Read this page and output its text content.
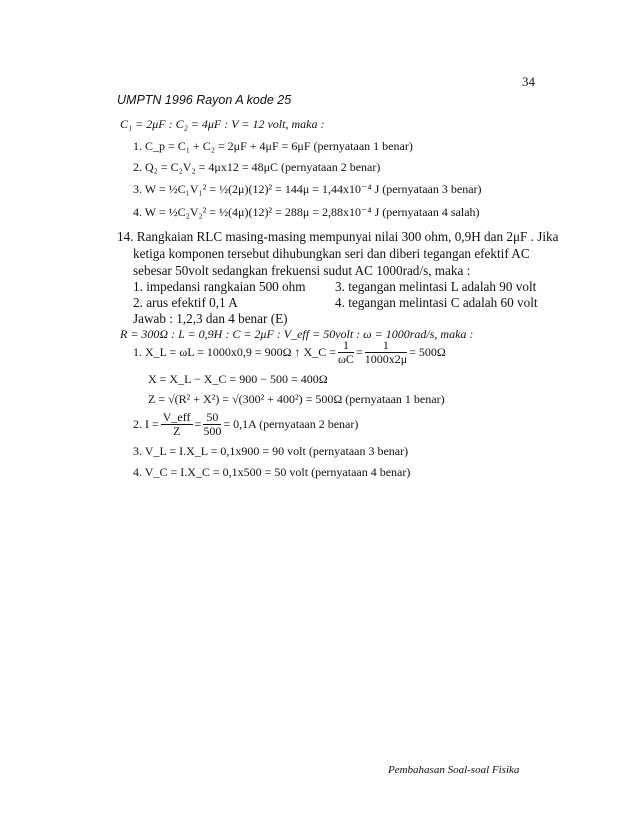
34
UMPTN 1996 Rayon A kode 25
C₁ = 2μF : C₂ = 4μF : V = 12 volt, maka :
1. C_p = C₁ + C₂ = 2μF + 4μF = 6μF (pernyataan 1 benar)
2. Q₂ = C₂V₂ = 4μx12 = 48μC (pernyataan 2 benar)
3. W = ½C₁V₁² = ½(2μ)(12)² = 144μ = 1,44x10⁻⁴ J (pernyataan 3 benar)
4. W = ½C₂V₂² = ½(4μ)(12)² = 288μ = 2,88x10⁻⁴ J (pernyataan 4 salah)
14. Rangkaian RLC masing-masing mempunyai nilai 300 ohm, 0,9H dan 2μF . Jika
ketiga komponen tersebut dihubungkan seri dan diberi tegangan efektif AC
sebesar 50volt sedangkan frekuensi sudut AC 1000rad/s, maka :
1. impedansi rangkaian 500 ohm 3. tegangan melintasi L adalah 90 volt
2. arus efektif 0,1 A	4. tegangan melintasi C adalah 60 volt
Jawab : 1,2,3 dan 4 benar (E)
R = 300Ω : L = 0,9H : C = 2μF : V_eff = 50volt : ω = 1000rad/s, maka :
1. X_L = ωL = 1000x0,9 = 900Ω ↑ X_C = $\frac{1}{\omega C} = \frac{1}{1000x2\mu} = 500\Omega$
X = X_L − X_C = 900 − 500 = 400Ω
Z = √(R² + X²) = √(300² + 400²) = 500Ω (pernyataan 1 benar)
2. $I = \frac{\text{V\_eff}}{Z} = \frac{50}{500} = 0,1A$ (pernyataan 2 benar)
3. V_L = I.X_L = 0,1x900 = 90 volt (pernyataan 3 benar)
4. V_C = I.X_C = 0,1x500 = 50 volt (pernyataan 4 benar)
Pembahasan Soal-soal Fisika
